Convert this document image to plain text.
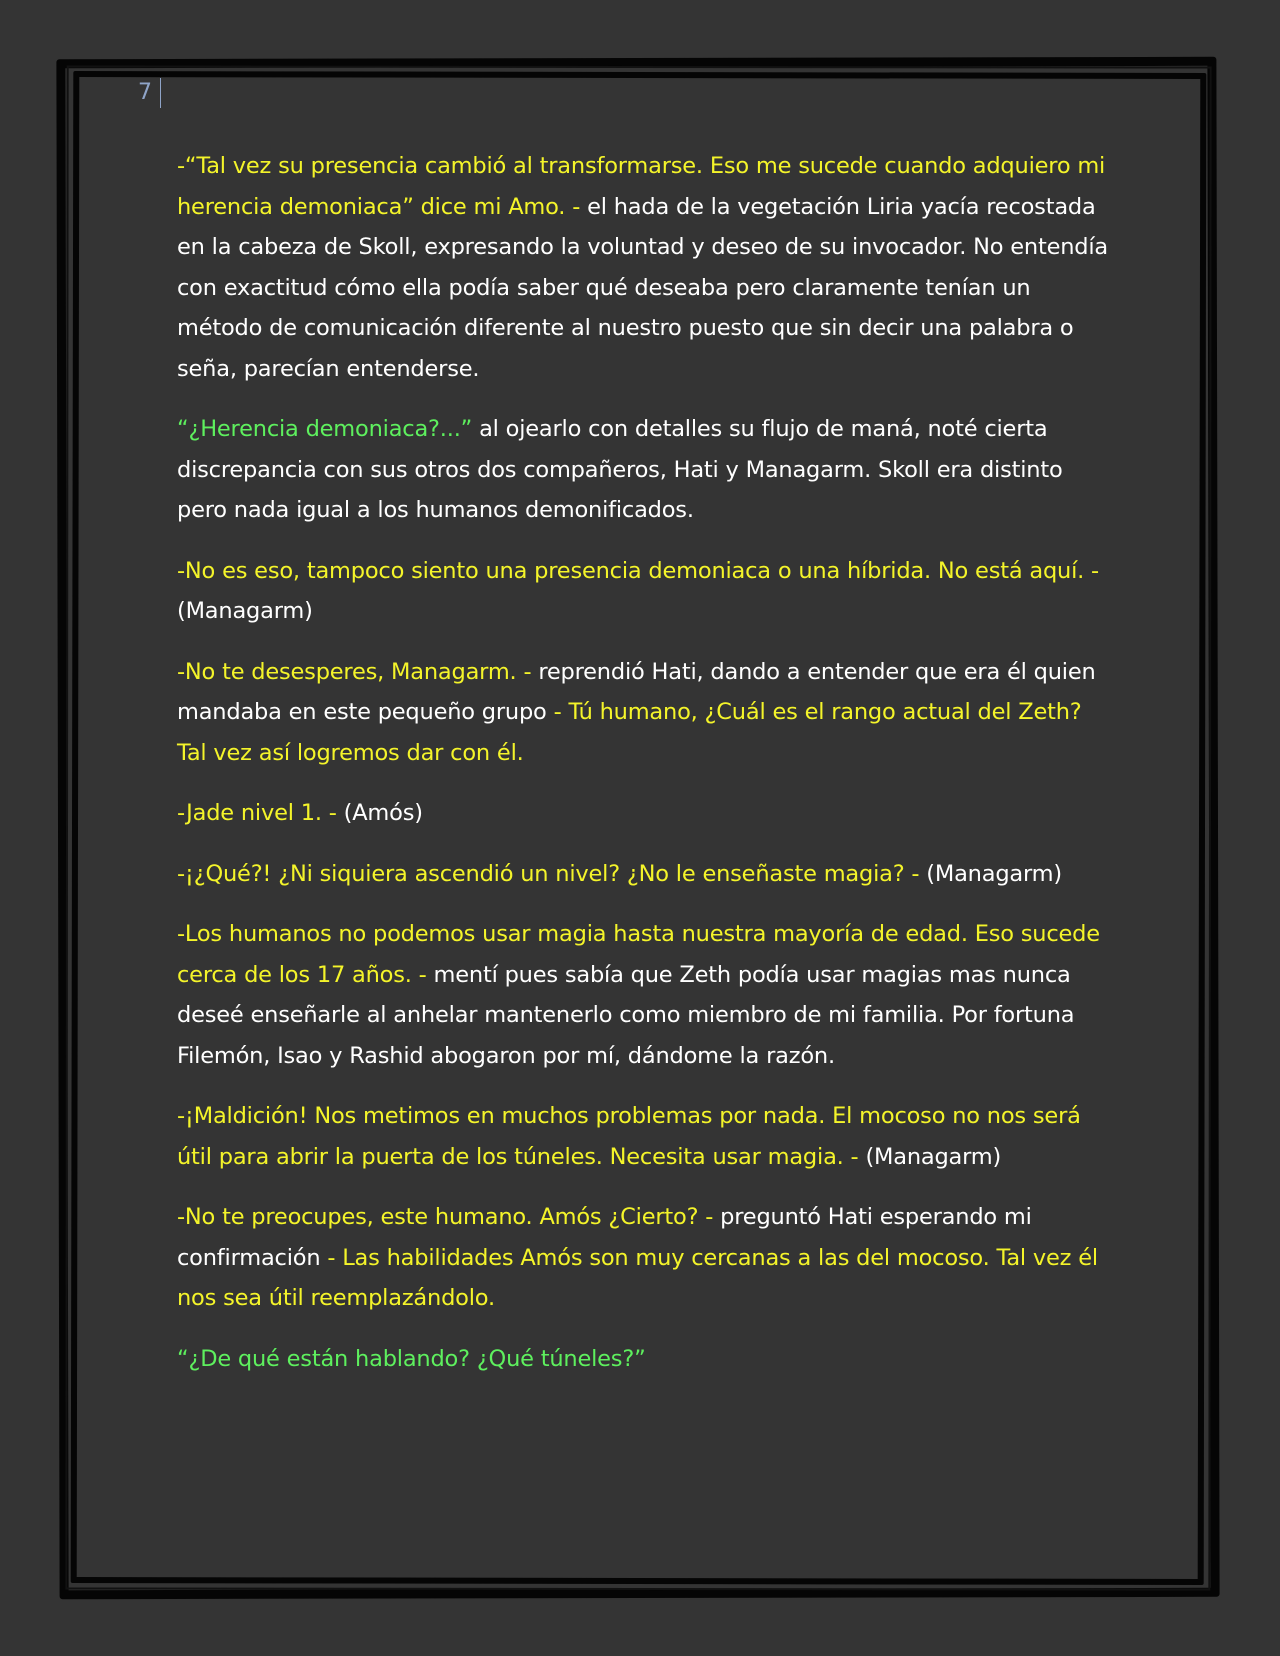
7

-“Tal vez su presencia cambió al transformarse. Eso me sucede cuando adquiero mi herencia demoniaca” dice mi Amo. - el hada de la vegetación Liria yacía recostada en la cabeza de Skoll, expresando la voluntad y deseo de su invocador. No entendía con exactitud cómo ella podía saber qué deseaba pero claramente tenían un método de comunicación diferente al nuestro puesto que sin decir una palabra o seña, parecían entenderse.

“¿Herencia demoniaca?...” al ojearlo con detalles su flujo de maná, noté cierta discrepancia con sus otros dos compañeros, Hati y Managarm. Skoll era distinto pero nada igual a los humanos demonificados.

-No es eso, tampoco siento una presencia demoniaca o una híbrida. No está aquí. - (Managarm)

-No te desesperes, Managarm. - reprendió Hati, dando a entender que era él quien mandaba en este pequeño grupo - Tú humano, ¿Cuál es el rango actual del Zeth? Tal vez así logremos dar con él.

-Jade nivel 1. - (Amós)

-¡¿Qué?! ¿Ni siquiera ascendió un nivel? ¿No le enseñaste magia? - (Managarm)

-Los humanos no podemos usar magia hasta nuestra mayoría de edad. Eso sucede cerca de los 17 años. - mentí pues sabía que Zeth podía usar magias mas nunca deseé enseñarle al anhelar mantenerlo como miembro de mi familia. Por fortuna Filemón, Isao y Rashid abogaron por mí, dándome la razón.

-¡Maldición! Nos metimos en muchos problemas por nada. El mocoso no nos será útil para abrir la puerta de los túneles. Necesita usar magia. - (Managarm)

-No te preocupes, este humano. Amós ¿Cierto? - preguntó Hati esperando mi confirmación - Las habilidades Amós son muy cercanas a las del mocoso. Tal vez él nos sea útil reemplazándolo.

“¿De qué están hablando? ¿Qué túneles?”
